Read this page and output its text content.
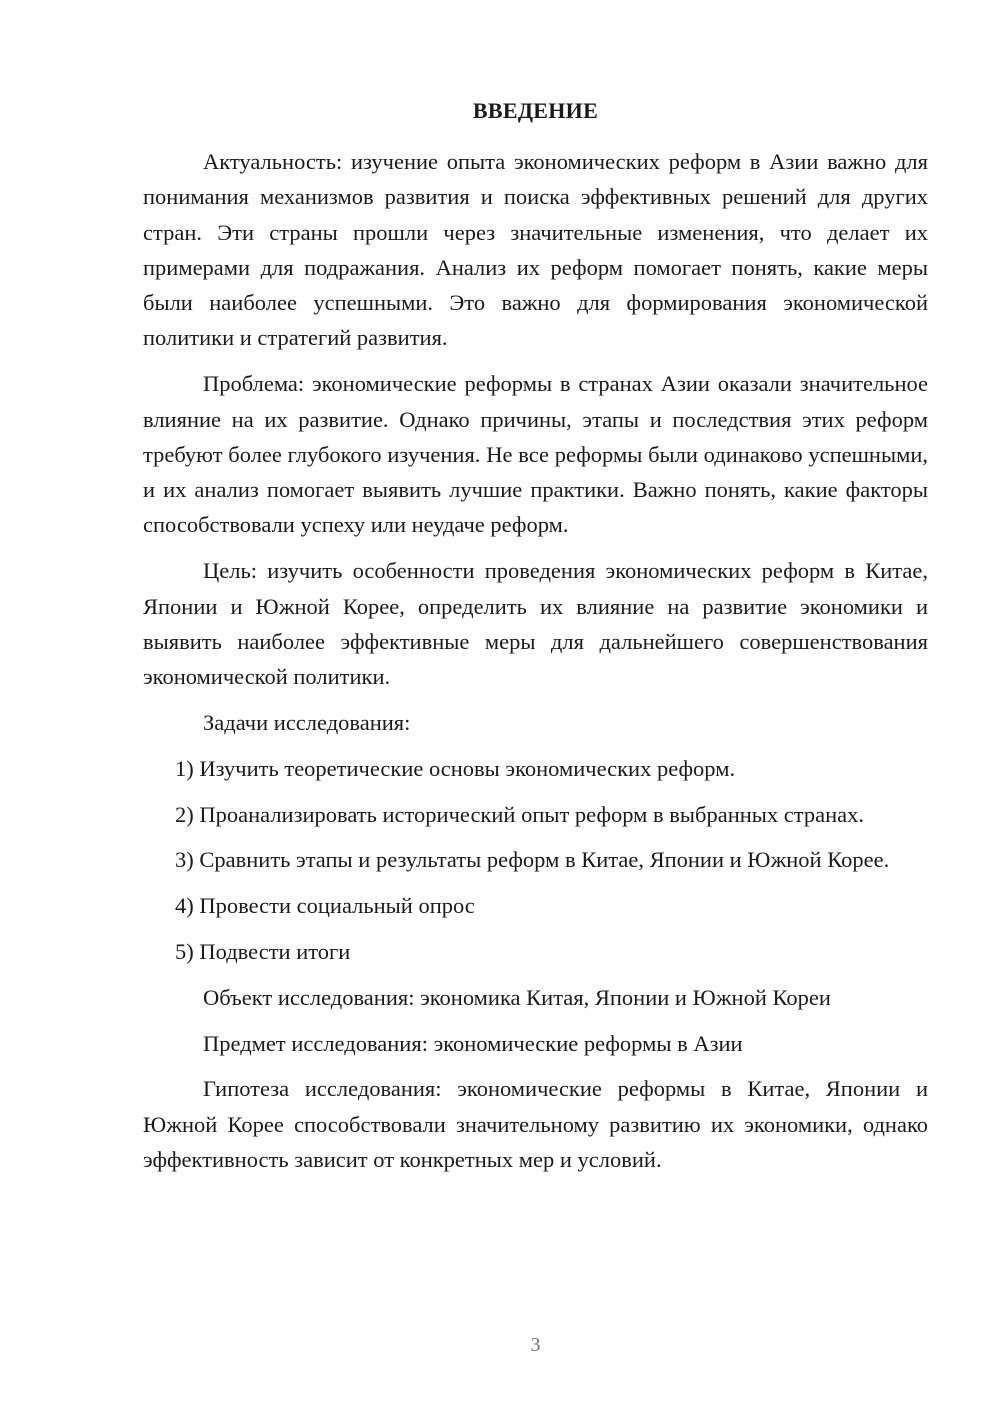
ВВЕДЕНИЕ

Актуальность: изучение опыта экономических реформ в Азии важно для понимания механизмов развития и поиска эффективных решений для других стран. Эти страны прошли через значительные изменения, что делает их примерами для подражания. Анализ их реформ помогает понять, какие меры были наиболее успешными. Это важно для формирования экономической политики и стратегий развития.

Проблема: экономические реформы в странах Азии оказали значительное влияние на их развитие. Однако причины, этапы и последствия этих реформ требуют более глубокого изучения. Не все реформы были одинаково успешными, и их анализ помогает выявить лучшие практики. Важно понять, какие факторы способствовали успеху или неудаче реформ.

Цель: изучить особенности проведения экономических реформ в Китае, Японии и Южной Корее, определить их влияние на развитие экономики и выявить наиболее эффективные меры для дальнейшего совершенствования экономической политики.

Задачи исследования:

1) Изучить теоретические основы экономических реформ.

2) Проанализировать исторический опыт реформ в выбранных странах.

3) Сравнить этапы и результаты реформ в Китае, Японии и Южной Корее.

4) Провести социальный опрос

5) Подвести итоги

Объект исследования: экономика Китая, Японии и Южной Кореи

Предмет исследования: экономические реформы в Азии

Гипотеза исследования: экономические реформы в Китае, Японии и Южной Корее способствовали значительному развитию их экономики, однако эффективность зависит от конкретных мер и условий.

3
